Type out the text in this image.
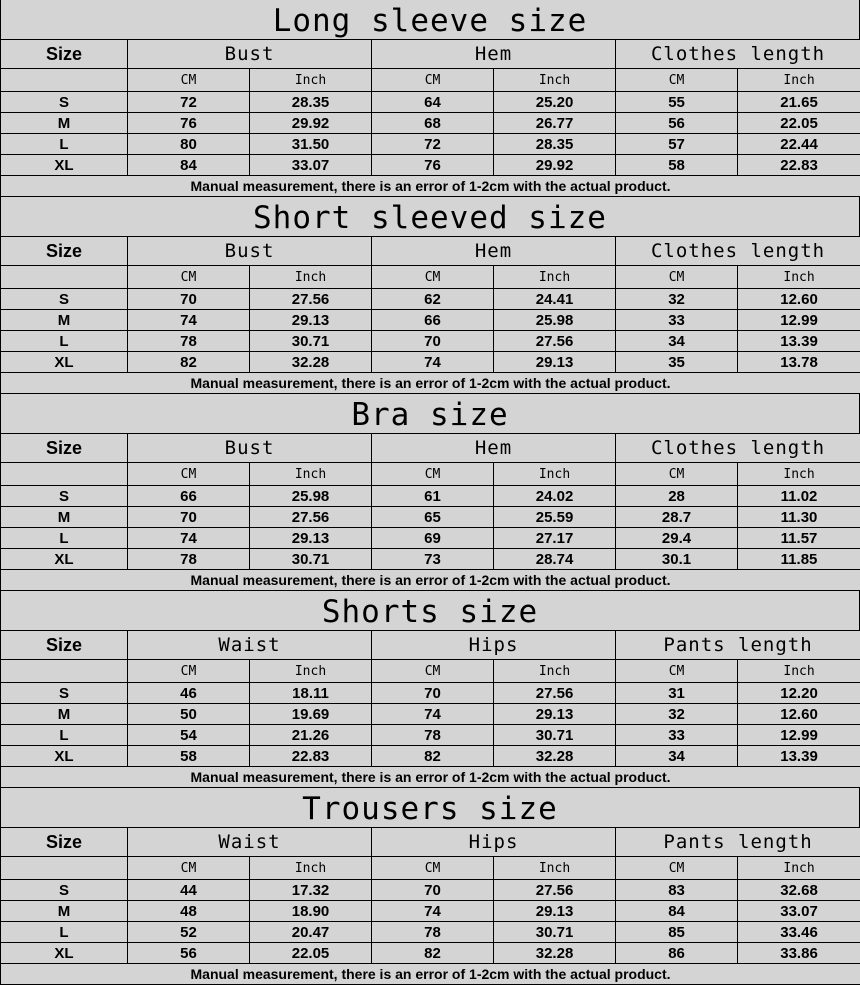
Long sleeve size
Size	Bust		Hem		Clothes length	
	CM	Inch	CM	Inch	CM	Inch
S	72	28.35	64	25.20	55	21.65
M	76	29.92	68	26.77	56	22.05
L	80	31.50	72	28.35	57	22.44
XL	84	33.07	76	29.92	58	22.83
Manual measurement, there is an error of 1-2cm with the actual product.						
Short sleeved size
Size	Bust		Hem		Clothes length	
	CM	Inch	CM	Inch	CM	Inch
S	70	27.56	62	24.41	32	12.60
M	74	29.13	66	25.98	33	12.99
L	78	30.71	70	27.56	34	13.39
XL	82	32.28	74	29.13	35	13.78
Manual measurement, there is an error of 1-2cm with the actual product.						
Bra size
Size	Bust		Hem		Clothes length	
	CM	Inch	CM	Inch	CM	Inch
S	66	25.98	61	24.02	28	11.02
M	70	27.56	65	25.59	28.7	11.30
L	74	29.13	69	27.17	29.4	11.57
XL	78	30.71	73	28.74	30.1	11.85
Manual measurement, there is an error of 1-2cm with the actual product.						
Shorts size
Size	Waist		Hips		Pants length	
	CM	Inch	CM	Inch	CM	Inch
S	46	18.11	70	27.56	31	12.20
M	50	19.69	74	29.13	32	12.60
L	54	21.26	78	30.71	33	12.99
XL	58	22.83	82	32.28	34	13.39
Manual measurement, there is an error of 1-2cm with the actual product.						
Trousers size
Size	Waist		Hips		Pants length	
	CM	Inch	CM	Inch	CM	Inch
S	44	17.32	70	27.56	83	32.68
M	48	18.90	74	29.13	84	33.07
L	52	20.47	78	30.71	85	33.46
XL	56	22.05	82	32.28	86	33.86
Manual measurement, there is an error of 1-2cm with the actual product.						
